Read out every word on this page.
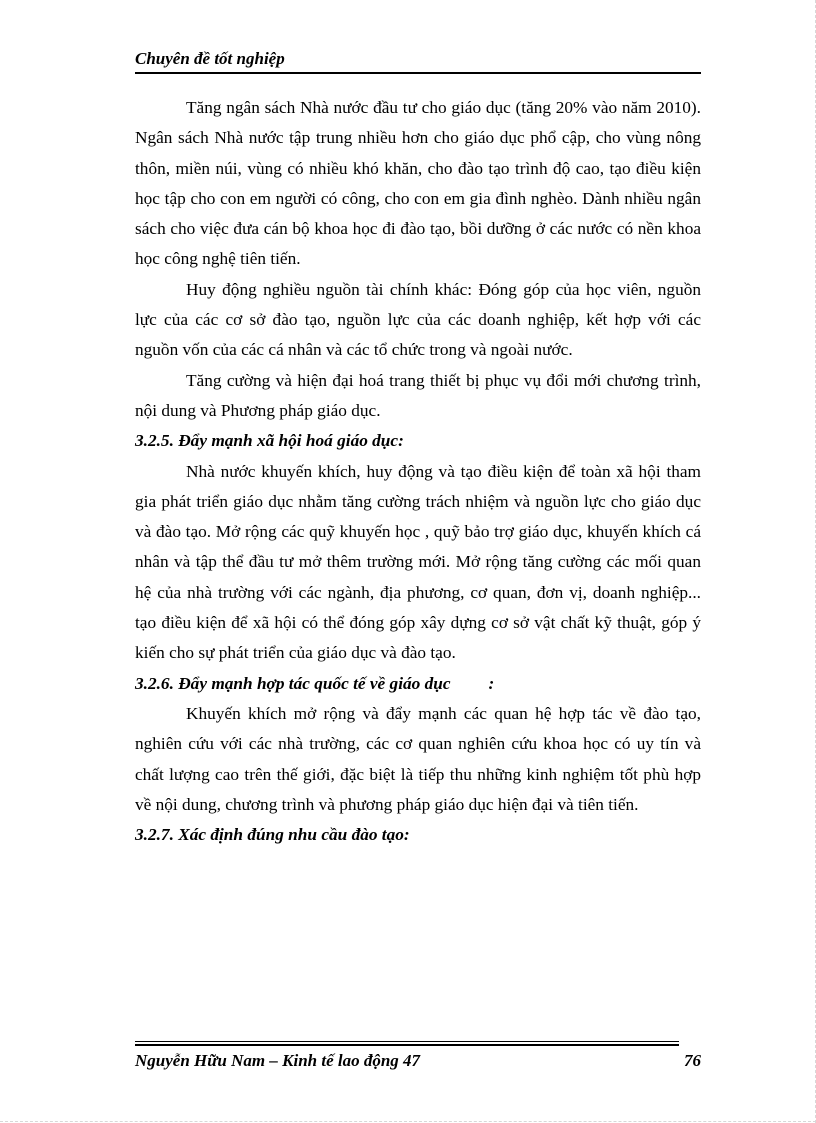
Chuyên đề tốt nghiệp

Tăng ngân sách Nhà nước đầu tư cho giáo dục (tăng 20% vào năm 2010). Ngân sách Nhà nước tập trung nhiều hơn cho giáo dục phổ cập, cho vùng nông thôn, miền núi, vùng có nhiều khó khăn, cho đào tạo trình độ cao, tạo điều kiện học tập cho con em người có công, cho con em gia đình nghèo. Dành nhiều ngân sách cho việc đưa cán bộ khoa học đi đào tạo, bồi dưỡng ở các nước có nền khoa học công nghệ tiên tiến.

Huy động nghiều nguồn tài chính khác: Đóng góp của học viên, nguồn lực của các cơ sở đào tạo, nguồn lực của các doanh nghiệp, kết hợp với các nguồn vốn của các cá nhân và các tổ chức trong và ngoài nước.

Tăng cường và hiện đại hoá trang thiết bị phục vụ đổi mới chương trình, nội dung và Phương pháp giáo dục.

3.2.5. Đẩy mạnh xã hội hoá giáo dục:

Nhà nước khuyến khích, huy động và tạo điều kiện để toàn xã hội tham gia phát triển giáo dục nhằm tăng cường trách nhiệm và nguồn lực cho giáo dục và đào tạo. Mở rộng các quỹ khuyến học , quỹ bảo trợ giáo dục, khuyến khích cá nhân và tập thể đầu tư mở thêm trường mới. Mở rộng tăng cường các mối quan hệ của nhà trường với các ngành, địa phương, cơ quan, đơn vị, doanh nghiệp... tạo điều kiện để xã hội có thể đóng góp xây dựng cơ sở vật chất kỹ thuật, góp ý kiến cho sự phát triển của giáo dục và đào tạo.

3.2.6. Đẩy mạnh hợp tác quốc tế về giáo dục :

Khuyến khích mở rộng và đẩy mạnh các quan hệ hợp tác về đào tạo, nghiên cứu với các nhà trường, các cơ quan nghiên cứu khoa học có uy tín và chất lượng cao trên thế giới, đặc biệt là tiếp thu những kinh nghiệm tốt phù hợp về nội dung, chương trình và phương pháp giáo dục hiện đại và tiên tiến.

3.2.7. Xác định đúng nhu cầu đào tạo:

Nguyễn Hữu Nam – Kinh tế lao động 47	76
